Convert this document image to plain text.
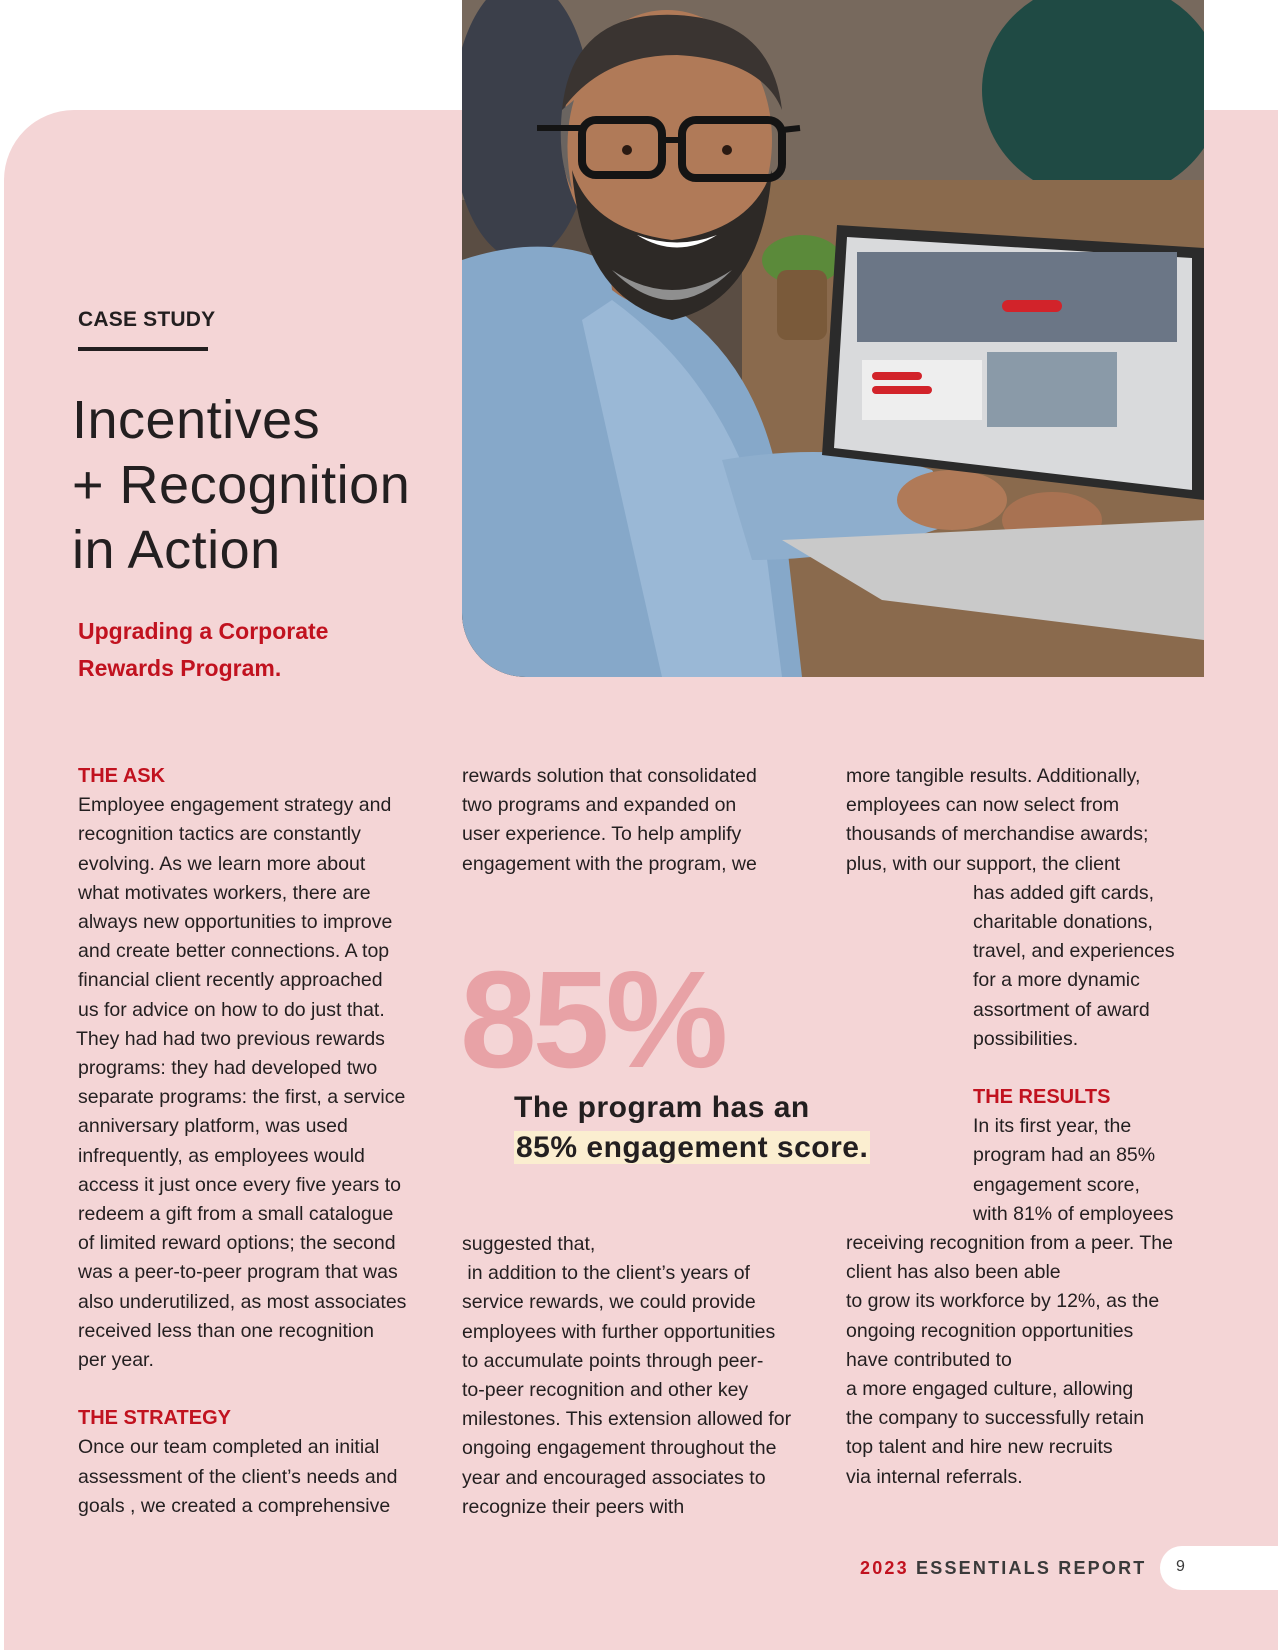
CASE STUDY
Incentives
+ Recognition
in Action
Upgrading a Corporate Rewards Program.

THE ASK

Employee engagement strategy and

recognition tactics are constantly

evolving. As we learn more about

what motivates workers, there are

always new opportunities to improve

and create better connections. A top

financial client recently approached

us for advice on how to do just that.

They had had two previous rewards

programs: they had developed two

separate programs: the first, a service

anniversary platform, was used

infrequently, as employees would

access it just once every five years to

redeem a gift from a small catalogue

of limited reward options; the second

was a peer-to-peer program that was

also underutilized, as most associates

received less than one recognition

per year.

THE STRATEGY

Once our team completed an initial

assessment of the client’s needs and

goals , we created a comprehensive

rewards solution that consolidated

two programs and expanded on

user experience. To help amplify

engagement with the program, we

85%
The program has an
85% engagement score.

suggested that,

in addition to the client’s years of

service rewards, we could provide

employees with further opportunities

to accumulate points through peer-

to-peer recognition and other key

milestones. This extension allowed for

ongoing engagement throughout the

year and encouraged associates to

recognize their peers with

more tangible results. Additionally,

employees can now select from

thousands of merchandise awards;

plus, with our support, the client

has added gift cards,

charitable donations,

travel, and experiences

for a more dynamic

assortment of award

possibilities.

THE RESULTS

In its first year, the

program had an 85%

engagement score,

with 81% of employees

receiving recognition from a peer. The

client has also been able

to grow its workforce by 12%, as the

ongoing recognition opportunities

have contributed to

a more engaged culture, allowing

the company to successfully retain

top talent and hire new recruits

via internal referrals.

2023 ESSENTIALS REPORT 9
